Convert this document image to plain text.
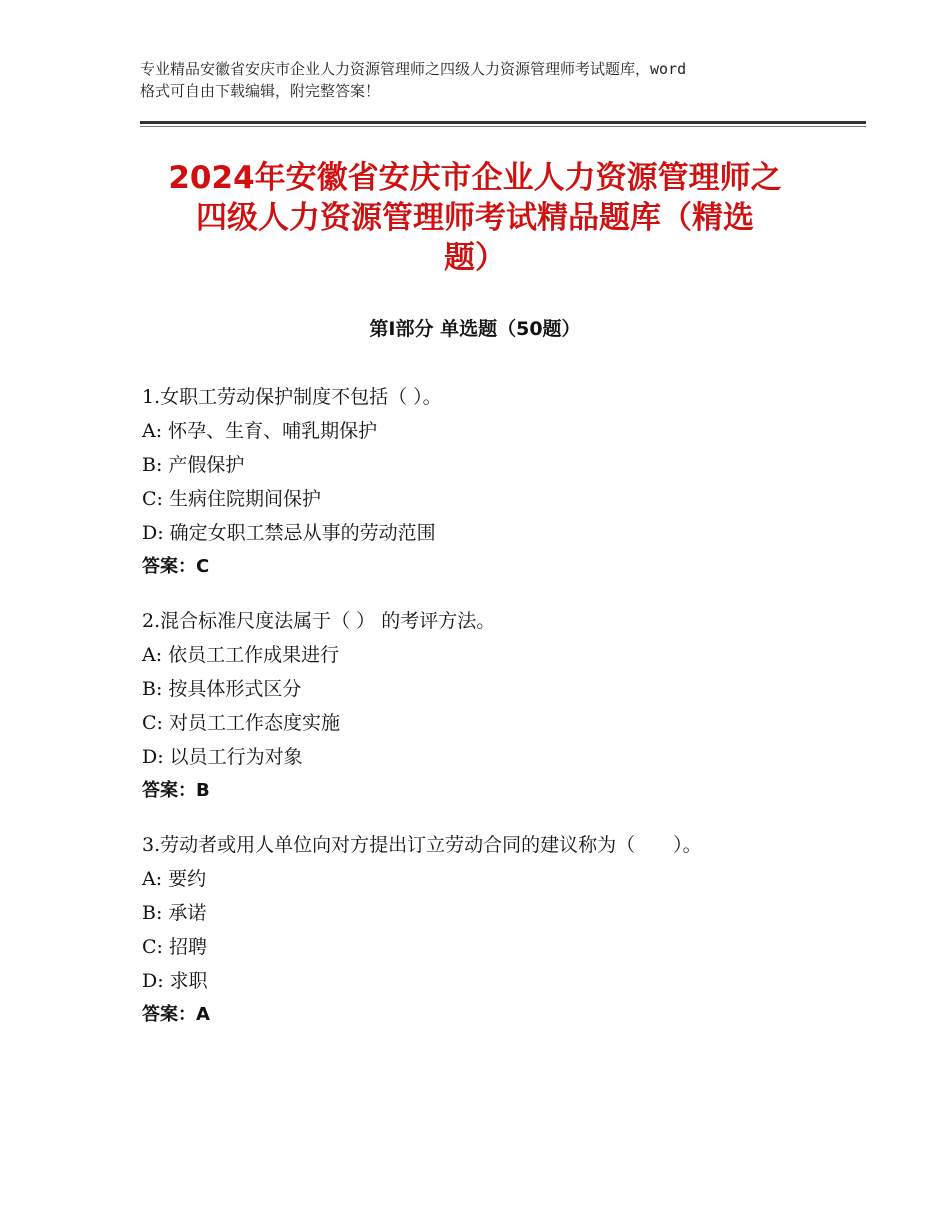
专业精品安徽省安庆市企业人力资源管理师之四级人力资源管理师考试题库，word
格式可自由下载编辑，附完整答案！
2024年安徽省安庆市企业人力资源管理师之
四级人力资源管理师考试精品题库（精选
题）
第Ⅰ部分 单选题（50题）
1.女职工劳动保护制度不包括（ ）。
A: 怀孕、生育、哺乳期保护
B: 产假保护
C: 生病住院期间保护
D: 确定女职工禁忌从事的劳动范围
答案：C
2.混合标准尺度法属于（ ） 的考评方法。
A: 依员工工作成果进行
B: 按具体形式区分
C: 对员工工作态度实施
D: 以员工行为对象
答案：B
3.劳动者或用人单位向对方提出订立劳动合同的建议称为（　　）。
A: 要约
B: 承诺
C: 招聘
D: 求职
答案：A
